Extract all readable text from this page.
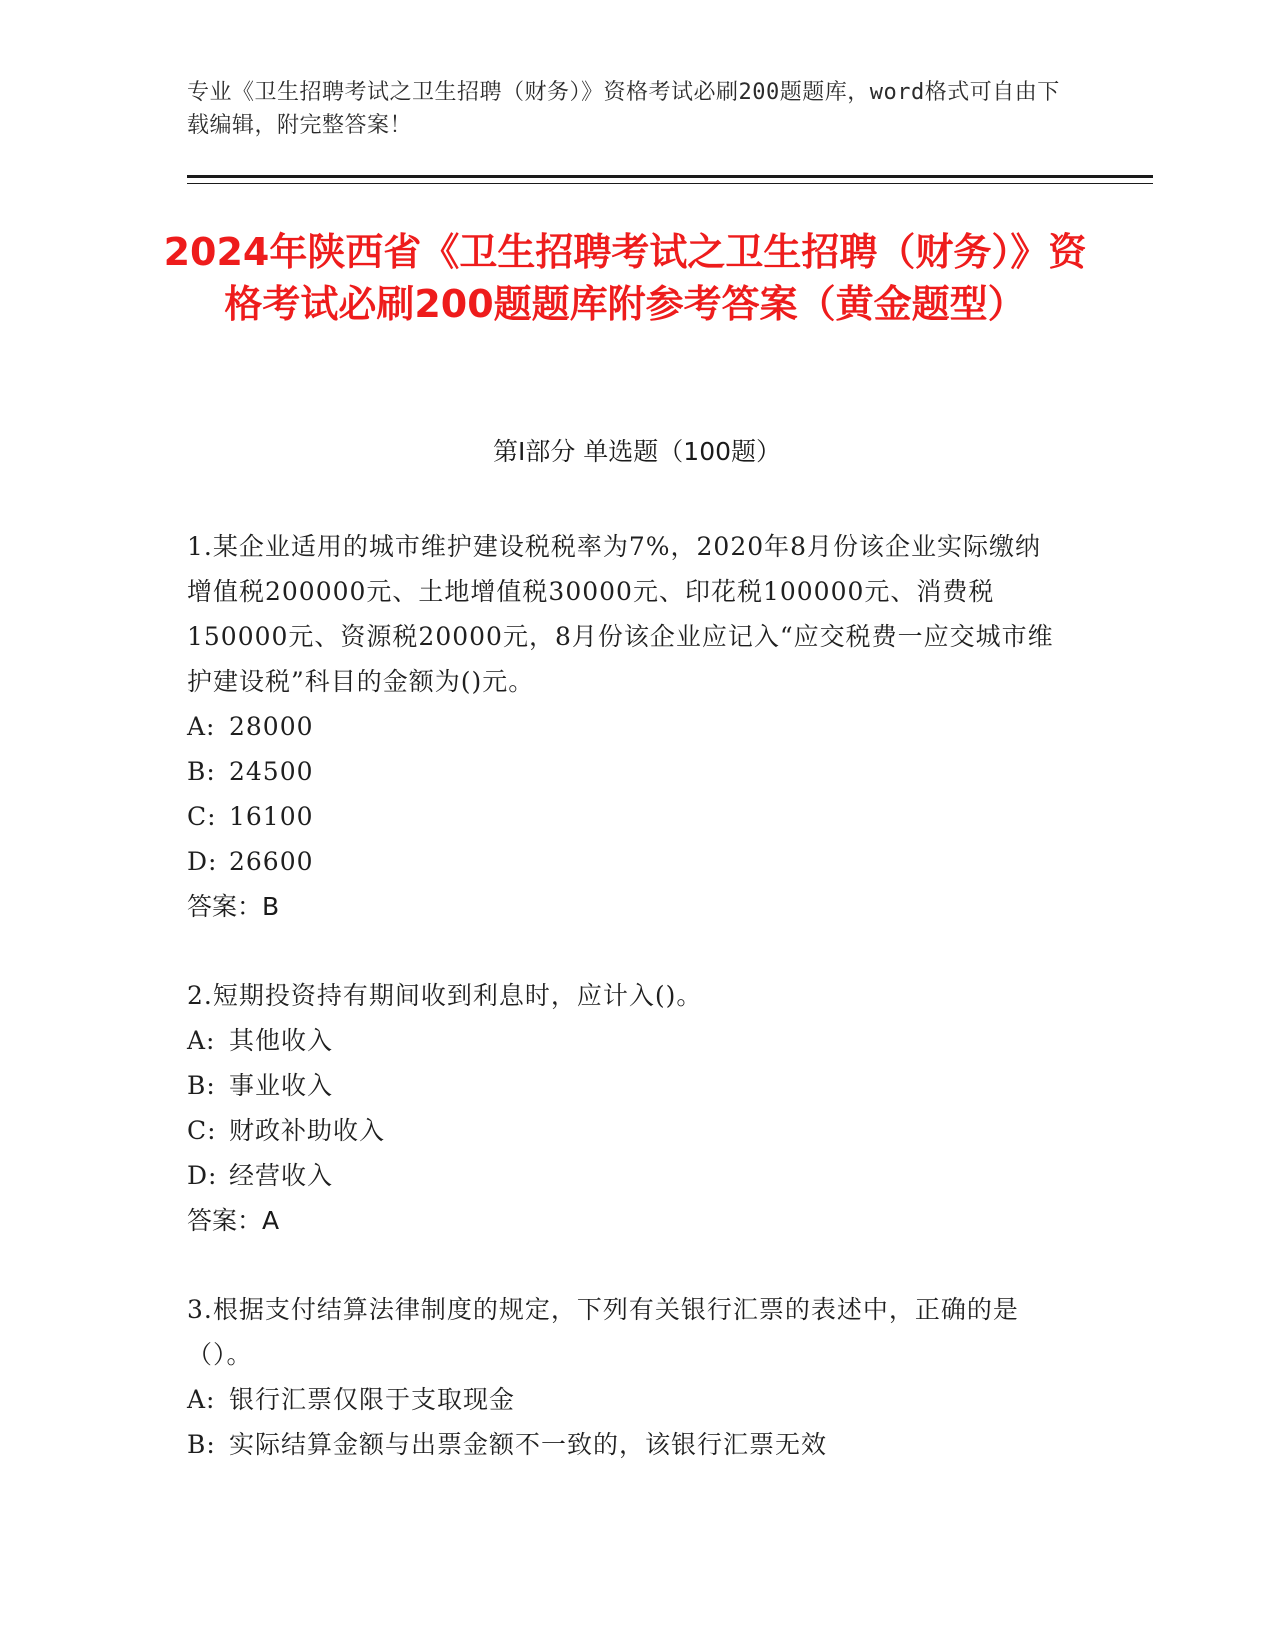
专业《卫生招聘考试之卫生招聘（财务）》资格考试必刷200题题库，word格式可自由下载编辑，附完整答案！
2024年陕西省《卫生招聘考试之卫生招聘（财务）》资格考试必刷200题题库附参考答案（黄金题型）
第I部分 单选题（100题）
1.某企业适用的城市维护建设税税率为7%，2020年8月份该企业实际缴纳增值税200000元、土地增值税30000元、印花税100000元、消费税150000元、资源税20000元，8月份该企业应记入“应交税费一应交城市维护建设税”科目的金额为()元。
A: 28000
B: 24500
C: 16100
D: 26600
答案：B
2.短期投资持有期间收到利息时，应计入()。
A: 其他收入
B: 事业收入
C: 财政补助收入
D: 经营收入
答案：A
3.根据支付结算法律制度的规定，下列有关银行汇票的表述中，正确的是（）。
A: 银行汇票仅限于支取现金
B: 实际结算金额与出票金额不一致的，该银行汇票无效
